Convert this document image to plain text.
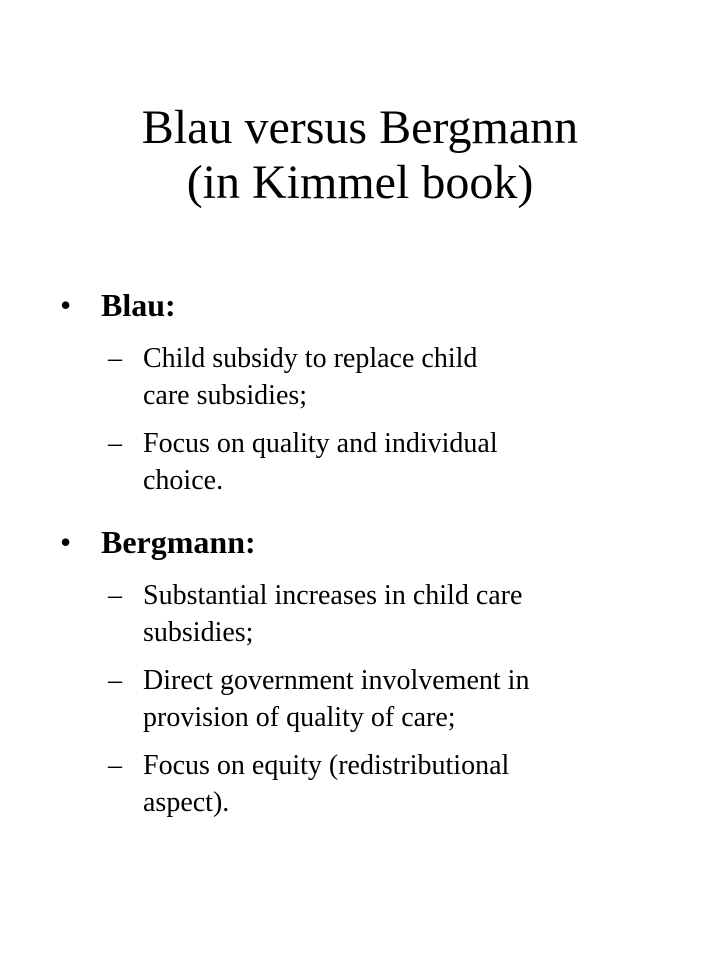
Blau versus Bergmann
(in Kimmel book)
• Blau:
– Child subsidy to replace child
care subsidies;
– Focus on quality and individual
choice.
• Bergmann:
– Substantial increases in child care
subsidies;
– Direct government involvement in
provision of quality of care;
– Focus on equity (redistributional
aspect).
